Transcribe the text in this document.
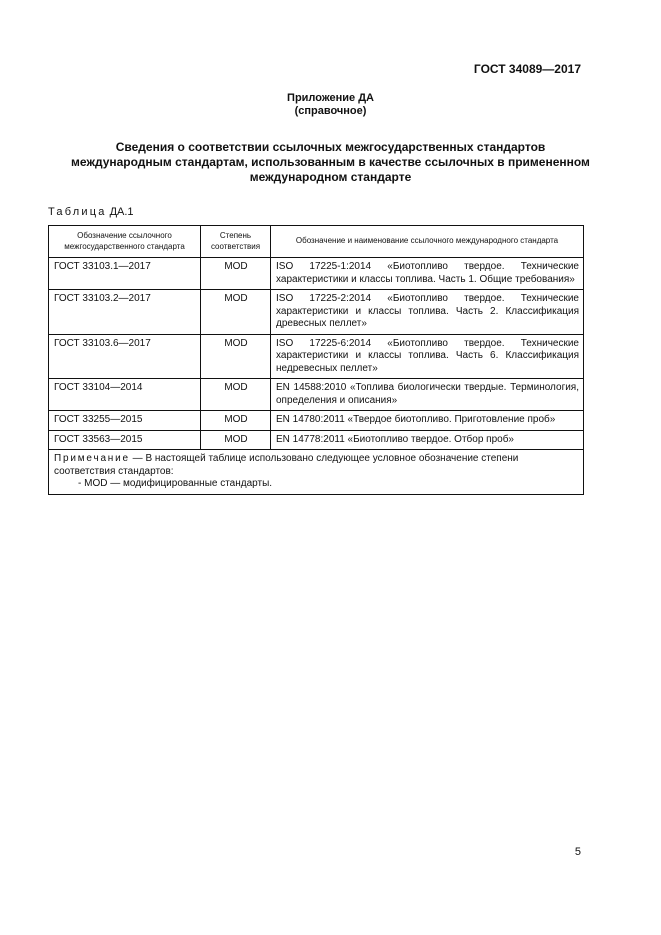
ГОСТ 34089—2017
Приложение ДА
(справочное)
Сведения о соответствии ссылочных межгосударственных стандартов международным стандартам, использованным в качестве ссылочных в примененном международном стандарте
Таблица ДА.1
Обозначение ссылочного межгосударственного стандарта	Степень соответствия	Обозначение и наименование ссылочного международного стандарта
ГОСТ 33103.1—2017	MOD	ISO 17225-1:2014 «Биотопливо твердое. Технические характеристики и классы топлива. Часть 1. Общие требования»
ГОСТ 33103.2—2017	MOD	ISO 17225-2:2014 «Биотопливо твердое. Технические характеристики и классы топлива. Часть 2. Классификация древесных пеллет»
ГОСТ 33103.6—2017	MOD	ISO 17225-6:2014 «Биотопливо твердое. Технические характеристики и классы топлива. Часть 6. Классификация недревесных пеллет»
ГОСТ 33104—2014	MOD	EN 14588:2010 «Топлива биологически твердые. Терминология, определения и описания»
ГОСТ 33255—2015	MOD	EN 14780:2011 «Твердое биотопливо. Приготовление проб»
ГОСТ 33563—2015	MOD	EN 14778:2011 «Биотопливо твердое. Отбор проб»
Примечание — В настоящей таблице использовано следующее условное обозначение степени соответствия стандартов:
- MOD — модифицированные стандарты.		
5
